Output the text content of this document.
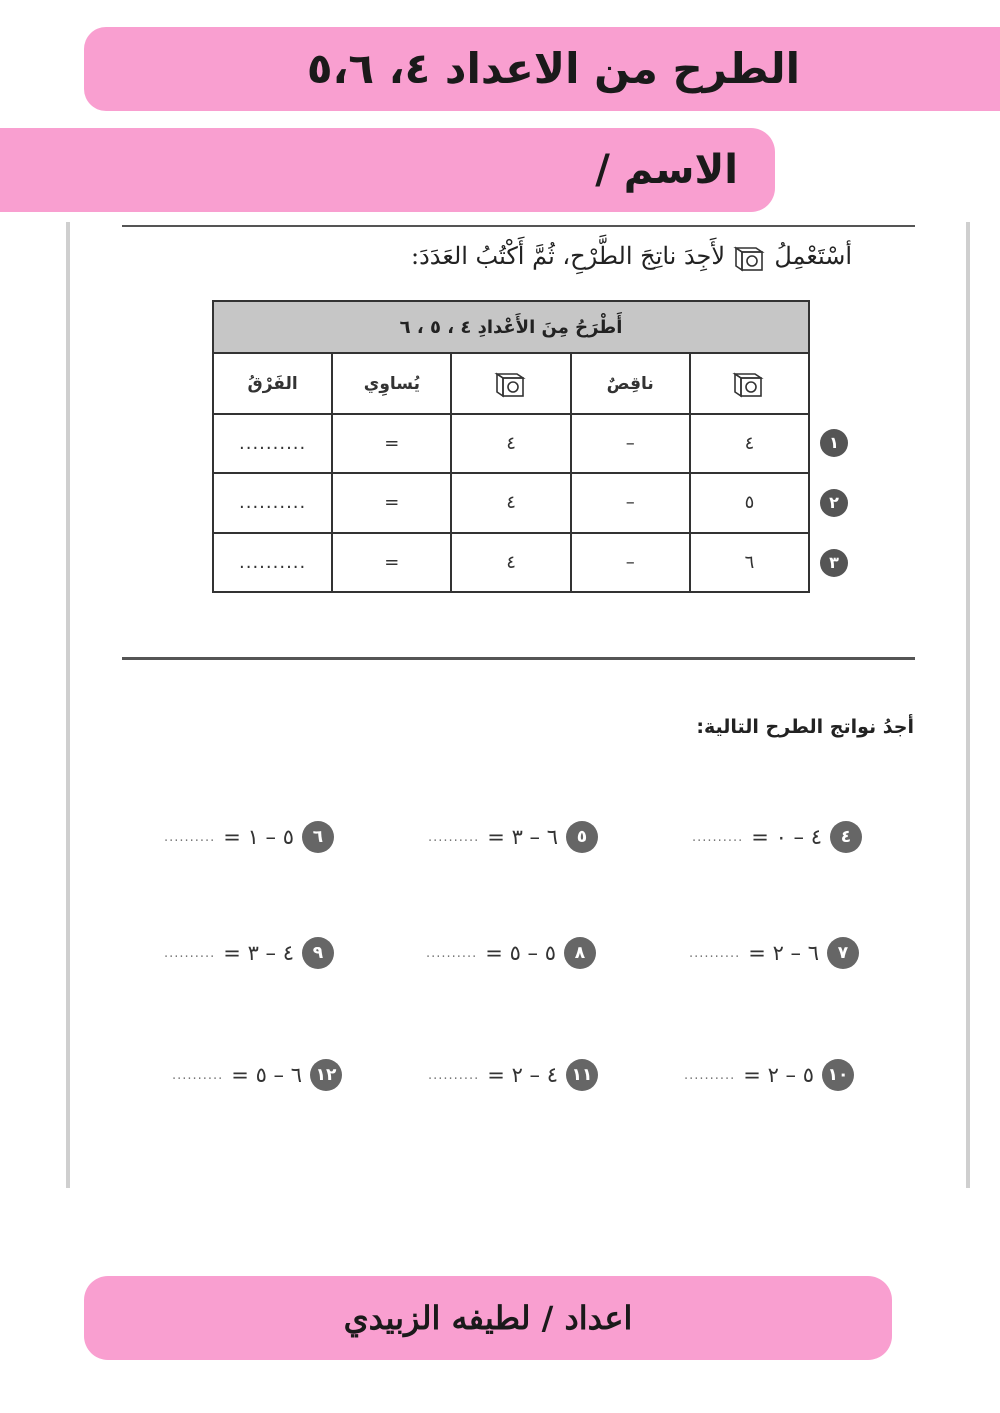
الطرح من الاعداد ٤، ٥،٦
الاسم /
أسْتَعْمِلُ  لأَجِدَ ناتِجَ الطَّرْحِ، ثُمَّ أَكْتُبُ العَدَدَ:
أَطْرَحُ مِنَ الأَعْدادِ ٤ ، ٥ ، ٦				
	ناقِصٌ		يُساوِي	الفَرْقُ
٤	–	٤	=	..........
٥	–	٤	=	..........
٦	–	٤	=	..........
١
٢
٣
أجدُ نواتج الطرح التالية:
٤
٤ – ٠ =
..........
٥
٦ – ٣ =
..........
٦
٥ – ١ =
..........
٧
٦ – ٢ =
..........
٨
٥ – ٥ =
..........
٩
٤ – ٣ =
..........
١٠
٥ – ٢ =
..........
١١
٤ – ٢ =
..........
١٢
٦ – ٥ =
..........
اعداد / لطيفه الزبيدي
